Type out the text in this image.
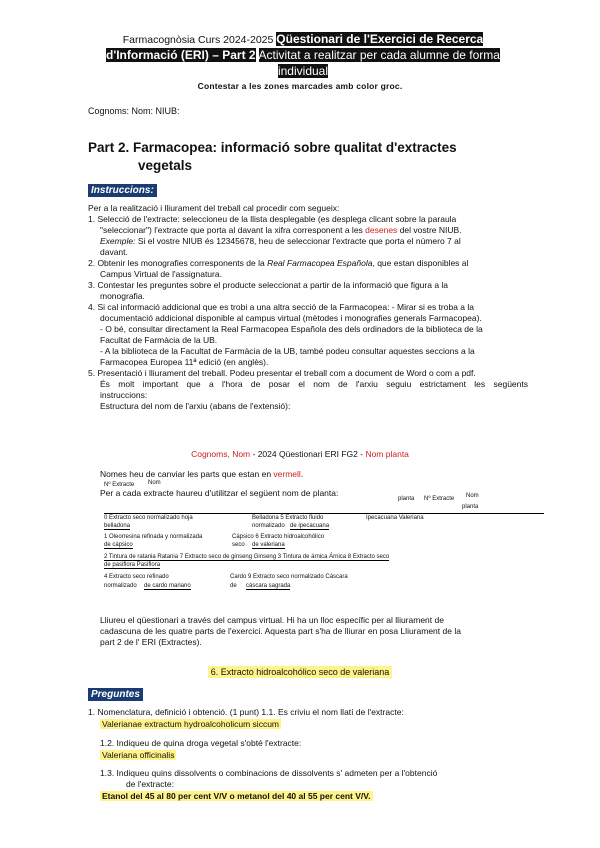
Farmacognòsia Curs 2024-2025 Qüestionari de l'Exercici de Recerca
d'Informació (ERI) – Part 2 Activitat a realitzar per cada alumne de forma
individual
Contestar a les zones marcades amb color groc.
Cognoms: Nom: NIUB:
Part 2. Farmacopea: informació sobre qualitat d'extractes
vegetals
Instruccions:
Per a la realització i lliurament del treball cal procedir com segueix:
1. Selecció de l'extracte: seleccioneu de la llista desplegable (es desplega clicant sobre la paraula
"seleccionar") l'extracte que porta al davant la xifra corresponent a les desenes del vostre NIUB.
Exemple: Si el vostre NIUB és 12345678, heu de seleccionar l'extracte que porta el número 7 al
davant.
2. Obtenir les monografies corresponents de la Real Farmacopea Española, que estan disponibles al
Campus Virtual de l'assignatura.
3. Contestar les preguntes sobre el producte seleccionat a partir de la informació que figura a la
monografia.
4. Si cal informació addicional que es trobi a una altra secció de la Farmacopea: - Mirar si es troba a la
documentació addicional disponible al campus virtual (mètodes i monografies generals Farmacopea).
- O bé, consultar directament la Real Farmacopea Española des dels ordinadors de la biblioteca de la
Facultat de Farmàcia de la UB.
- A la biblioteca de la Facultat de Farmàcia de la UB, també podeu consultar aquestes seccions a la
Farmacopea Europea 11ª edició (en anglès).
5. Presentació i lliurament del treball. Podeu presentar el treball com a document de Word o com a pdf.
És molt important que a l'hora de posar el nom de l'arxiu seguiu estrictament les següents
instruccions:
Estructura del nom de l'arxiu (abans de l'extensió):
Cognoms, Nom - 2024 Qüestionari ERI FG2 - Nom planta
Nomes heu de canviar les parts que estan en vermell.
Per a cada extracte haureu d'utilitzar el següent nom de planta:
Nº Extracte Nom
planta Nº Extracte Nom
planta
0 Extracto seco normalizado hoja
belladona
Belladona 5 Extracto fluido
normalizado de ipecacuana
Ipecacuana Valeriana
1 Oleorresina refinada y normalizada
de cápsico
Cápsico 6 Extracto hidroalcohólico
seco de valeriana
2 Tintura de ratania Ratania 7 Extracto seco de ginseng Ginseng 3 Tintura de árnica Árnica 8 Extracto seco
de pasiflora Pasiflora
4 Extracto seco refinado
normalizado de cardo mariano
Cardo 9 Extracto seco normalizado Cáscara
de cáscara sagrada
Lliureu el qüestionari a través del campus virtual. Hi ha un lloc específic per al lliurament de
cadascuna de les quatre parts de l'exercici. Aquesta part s'ha de lliurar en posa Lliurament de la
part 2 de l' ERI (Extractes).
6. Extracto hidroalcohólico seco de valeriana
Preguntes
1. Nomenclatura, definició i obtenció. (1 punt) 1.1. Es criviu el nom llatí de l'extracte:
Valerianae extractum hydroalcoholicum siccum
1.2. Indiqueu de quina droga vegetal s'obté l'extracte:
Valeriana officinalis
1.3. Indiqueu quins dissolvents o combinacions de dissolvents s' admeten per a l'obtenció
de l'extracte:
Etanol del 45 al 80 per cent V/V o metanol del 40 al 55 per cent V/V.
